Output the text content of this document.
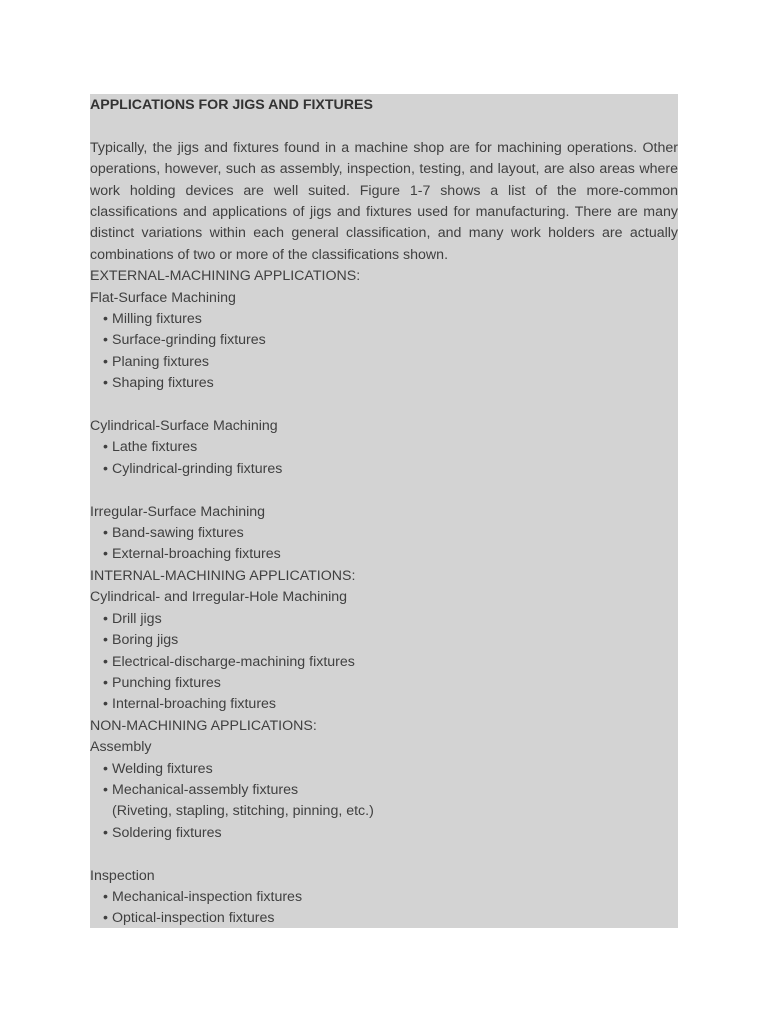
APPLICATIONS FOR JIGS AND FIXTURES
Typically, the jigs and fixtures found in a machine shop are for machining operations. Other operations, however, such as assembly, inspection, testing, and layout, are also areas where work holding devices are well suited. Figure 1-7 shows a list of the more-common classifications and applications of jigs and fixtures used for manufacturing. There are many distinct variations within each general classification, and many work holders are actually combinations of two or more of the classifications shown.
EXTERNAL-MACHINING APPLICATIONS:
Flat-Surface Machining
• Milling fixtures
• Surface-grinding fixtures
• Planing fixtures
• Shaping fixtures
Cylindrical-Surface Machining
• Lathe fixtures
• Cylindrical-grinding fixtures
Irregular-Surface Machining
• Band-sawing fixtures
• External-broaching fixtures
INTERNAL-MACHINING APPLICATIONS:
Cylindrical- and Irregular-Hole Machining
• Drill jigs
• Boring jigs
• Electrical-discharge-machining fixtures
• Punching fixtures
• Internal-broaching fixtures
NON-MACHINING APPLICATIONS:
Assembly
• Welding fixtures
• Mechanical-assembly fixtures
(Riveting, stapling, stitching, pinning, etc.)
• Soldering fixtures
Inspection
• Mechanical-inspection fixtures
• Optical-inspection fixtures
